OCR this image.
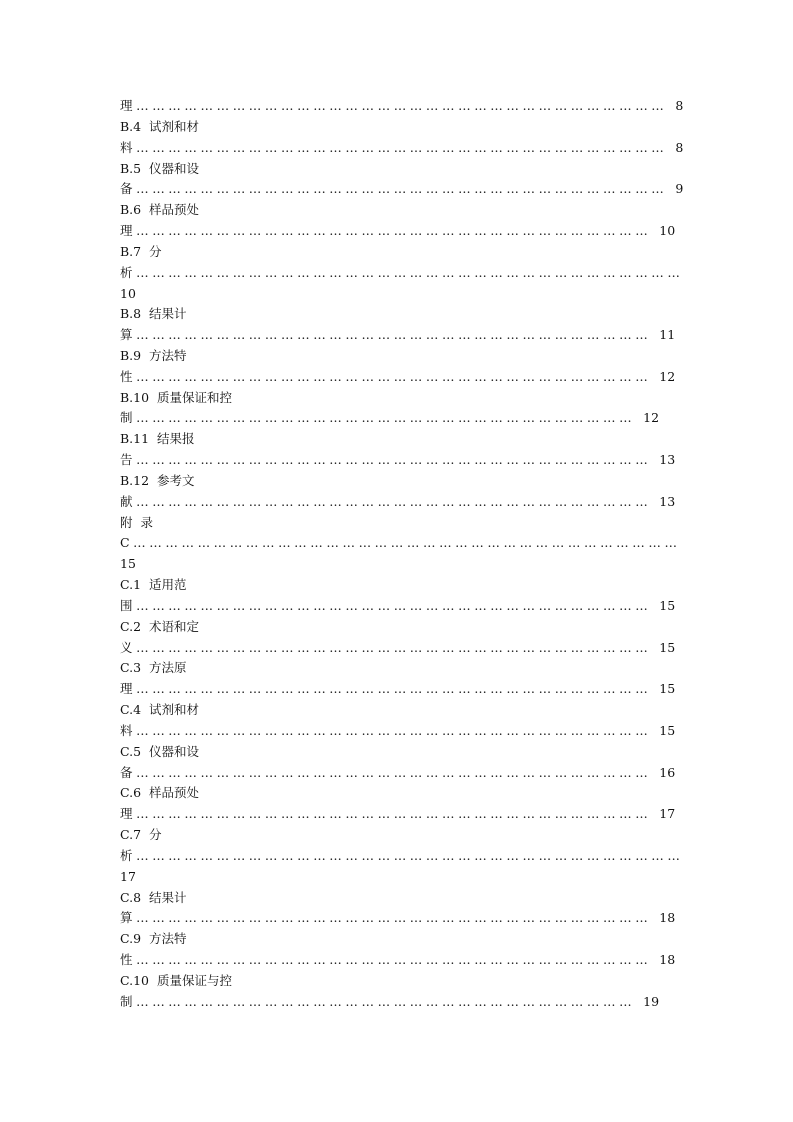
理………………………………………………………………………………………  8
B.4  试剂和材
料………………………………………………………………………………………  8
B.5  仪器和设
备………………………………………………………………………………………  9
B.6  样品预处
理……………………………………………………………………………………  10
B.7  分
析…………………………………………………………………………………………
10
B.8  结果计
算……………………………………………………………………………………  11
B.9  方法特
性……………………………………………………………………………………  12
B.10  质量保证和控
制…………………………………………………………………………………  12
B.11  结果报
告……………………………………………………………………………………  13
B.12  参考文
献……………………………………………………………………………………  13
附  录
C…………………………………………………………………………………………
15
C.1  适用范
围……………………………………………………………………………………  15
C.2  术语和定
义……………………………………………………………………………………  15
C.3  方法原
理……………………………………………………………………………………  15
C.4  试剂和材
料……………………………………………………………………………………  15
C.5  仪器和设
备……………………………………………………………………………………  16
C.6  样品预处
理……………………………………………………………………………………  17
C.7  分
析…………………………………………………………………………………………
17
C.8  结果计
算……………………………………………………………………………………  18
C.9  方法特
性……………………………………………………………………………………  18
C.10  质量保证与控
制…………………………………………………………………………………  19
